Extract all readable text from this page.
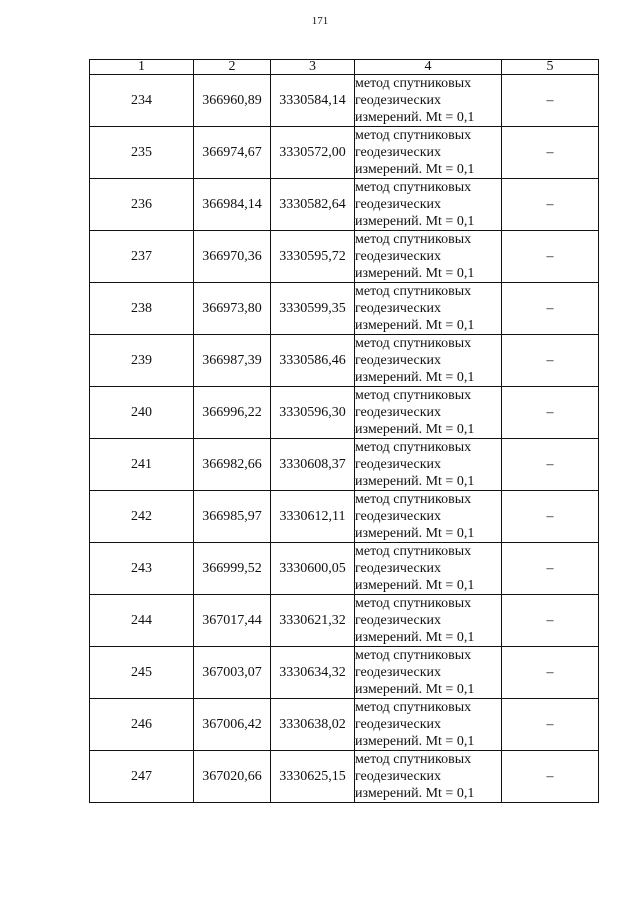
171
1	2	3	4	5
234	366960,89	3330584,14	метод спутниковых
геодезических
измерений. Mt = 0,1	–
235	366974,67	3330572,00	метод спутниковых
геодезических
измерений. Mt = 0,1	–
236	366984,14	3330582,64	метод спутниковых
геодезических
измерений. Mt = 0,1	–
237	366970,36	3330595,72	метод спутниковых
геодезических
измерений. Mt = 0,1	–
238	366973,80	3330599,35	метод спутниковых
геодезических
измерений. Mt = 0,1	–
239	366987,39	3330586,46	метод спутниковых
геодезических
измерений. Mt = 0,1	–
240	366996,22	3330596,30	метод спутниковых
геодезических
измерений. Mt = 0,1	–
241	366982,66	3330608,37	метод спутниковых
геодезических
измерений. Mt = 0,1	–
242	366985,97	3330612,11	метод спутниковых
геодезических
измерений. Mt = 0,1	–
243	366999,52	3330600,05	метод спутниковых
геодезических
измерений. Mt = 0,1	–
244	367017,44	3330621,32	метод спутниковых
геодезических
измерений. Mt = 0,1	–
245	367003,07	3330634,32	метод спутниковых
геодезических
измерений. Mt = 0,1	–
246	367006,42	3330638,02	метод спутниковых
геодезических
измерений. Mt = 0,1	–
247	367020,66	3330625,15	метод спутниковых
геодезических
измерений. Mt = 0,1	–
